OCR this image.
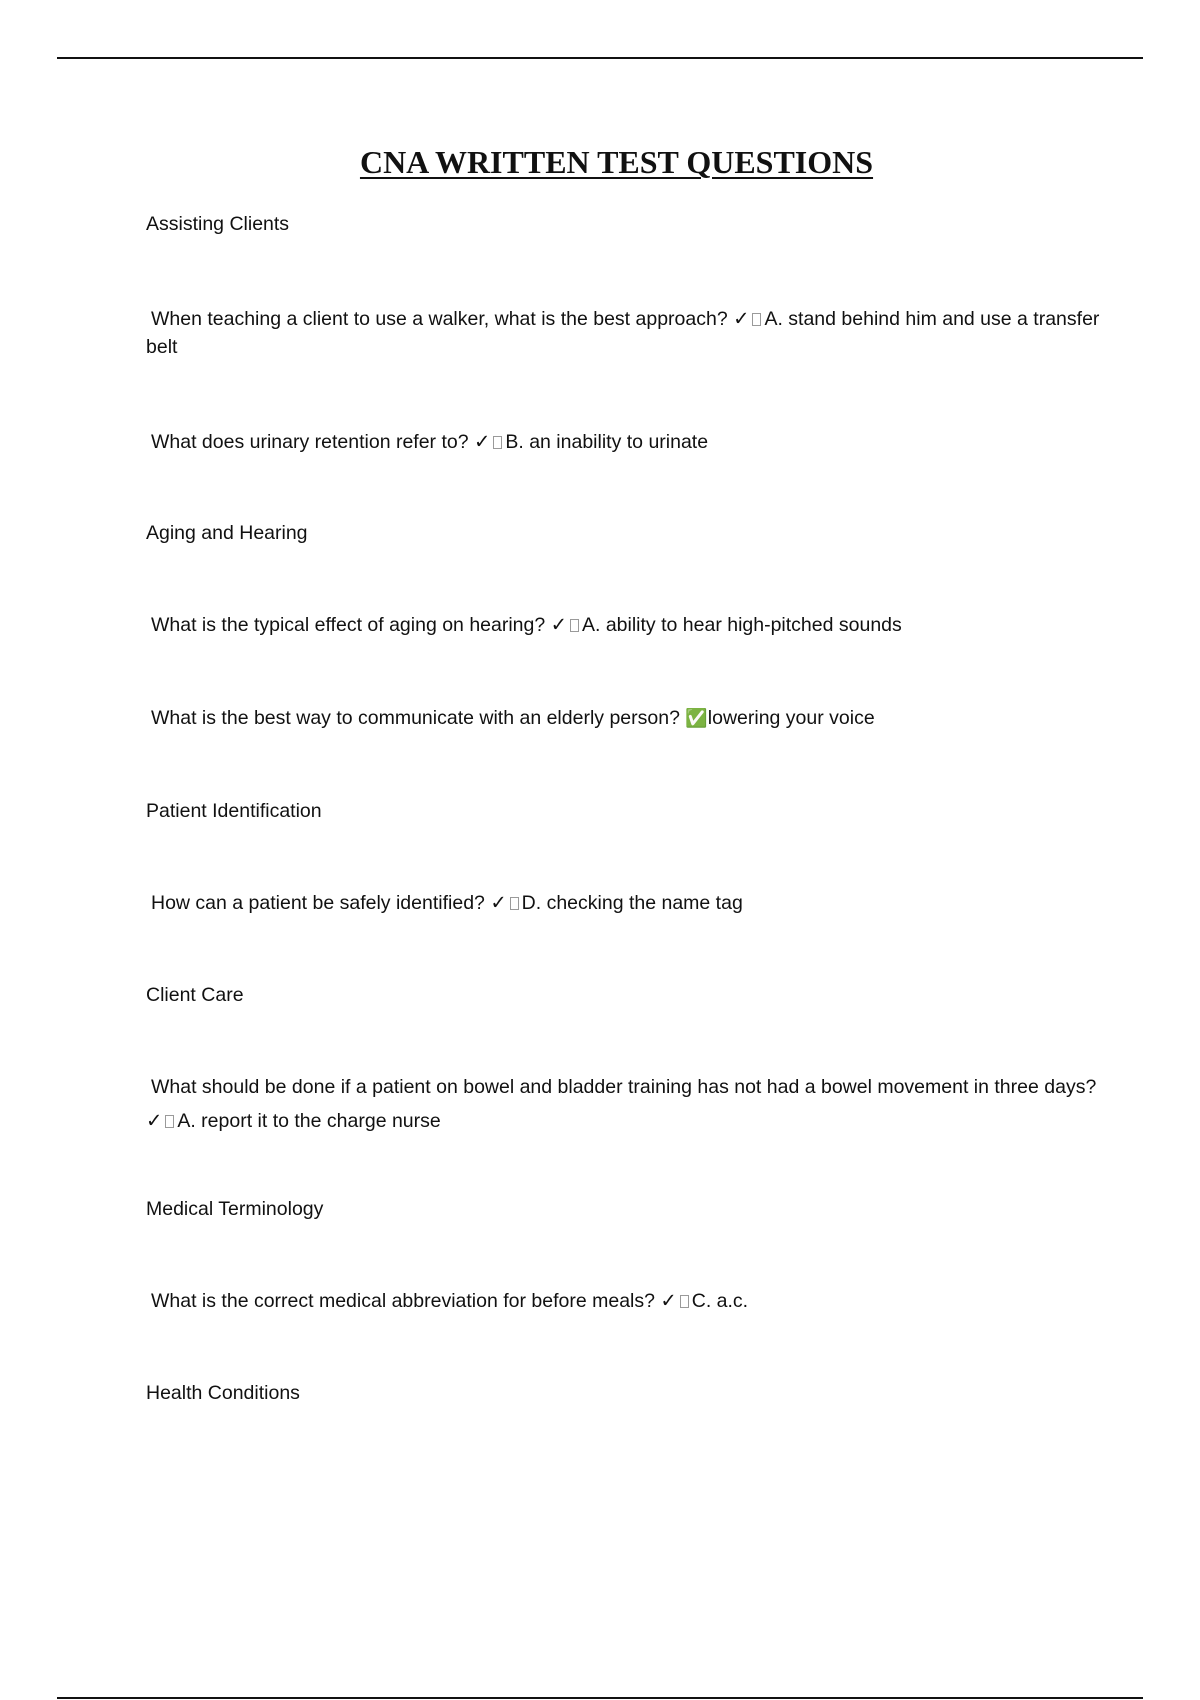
CNA WRITTEN TEST QUESTIONS

Assisting Clients

When teaching a client to use a walker, what is the best approach? ✓ A. stand behind him and use a transfer belt

What does urinary retention refer to? ✓ B. an inability to urinate

Aging and Hearing

What is the typical effect of aging on hearing? ✓ A. ability to hear high-pitched sounds

What is the best way to communicate with an elderly person? ✅lowering your voice

Patient Identification

How can a patient be safely identified? ✓ D. checking the name tag

Client Care

What should be done if a patient on bowel and bladder training has not had a bowel movement in three days? ✓ A. report it to the charge nurse

Medical Terminology

What is the correct medical abbreviation for before meals? ✓ C. a.c.

Health Conditions
